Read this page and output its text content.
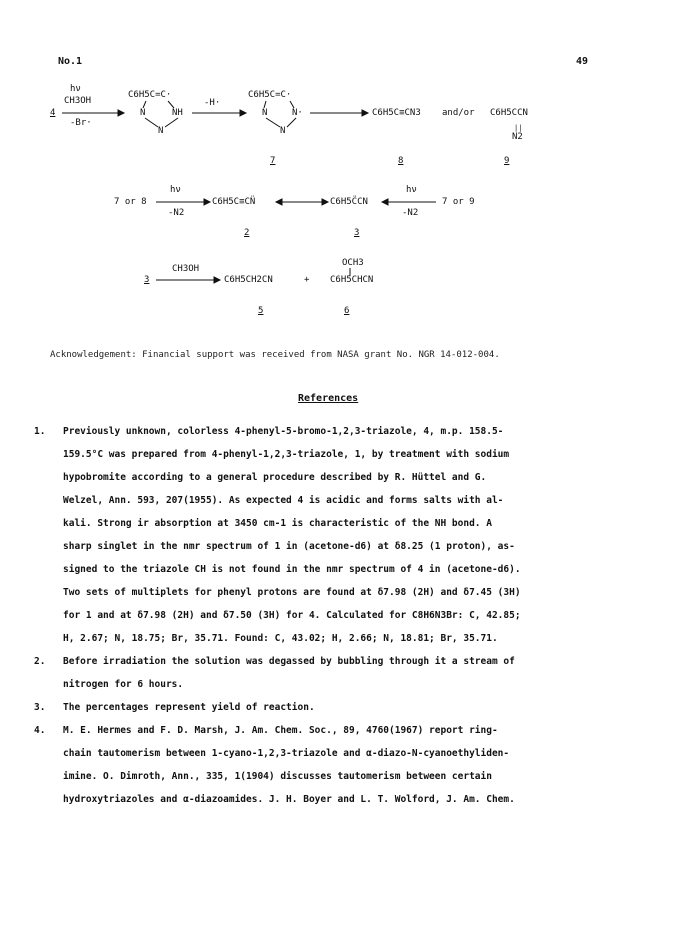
No.1	49
4
hν
CH3OH
-Br·
C6H5C=C·
N	NH
N
-H·
C6H5C=C·
N	N·
N
C6H5C≡CN3 and/or C6H5CCN
||
N2
7	8	9
7 or 8
hν
-N2
C6H5C≡CN̈	C6H5C̈CN
hν
-N2
7 or 9
2	3
3
CH3OH
C6H5CH2CN	+ C6H5CHCN
OCH3
5	6
Acknowledgement: Financial support was received from NASA grant No. NGR 14-012-004.
References
1. Previously unknown, colorless 4-phenyl-5-bromo-1,2,3-triazole, 4, m.p. 158.5-
159.5°C was prepared from 4-phenyl-1,2,3-triazole, 1, by treatment with sodium
hypobromite according to a general procedure described by R. Hüttel and G.
Welzel, Ann. 593, 207(1955). As expected 4 is acidic and forms salts with al-
kali. Strong ir absorption at 3450 cm-1 is characteristic of the NH bond. A
sharp singlet in the nmr spectrum of 1 in (acetone-d6) at δ8.25 (1 proton), as-
signed to the triazole CH is not found in the nmr spectrum of 4 in (acetone-d6).
Two sets of multiplets for phenyl protons are found at δ7.98 (2H) and δ7.45 (3H)
for 1 and at δ7.98 (2H) and δ7.50 (3H) for 4. Calculated for C8H6N3Br: C, 42.85;
H, 2.67; N, 18.75; Br, 35.71. Found: C, 43.02; H, 2.66; N, 18.81; Br, 35.71.
2. Before irradiation the solution was degassed by bubbling through it a stream of
nitrogen for 6 hours.
3. The percentages represent yield of reaction.
4. M. E. Hermes and F. D. Marsh, J. Am. Chem. Soc., 89, 4760(1967) report ring-
chain tautomerism between 1-cyano-1,2,3-triazole and α-diazo-N-cyanoethyliden-
imine. O. Dimroth, Ann., 335, 1(1904) discusses tautomerism between certain
hydroxytriazoles and α-diazoamides. J. H. Boyer and L. T. Wolford, J. Am. Chem.
